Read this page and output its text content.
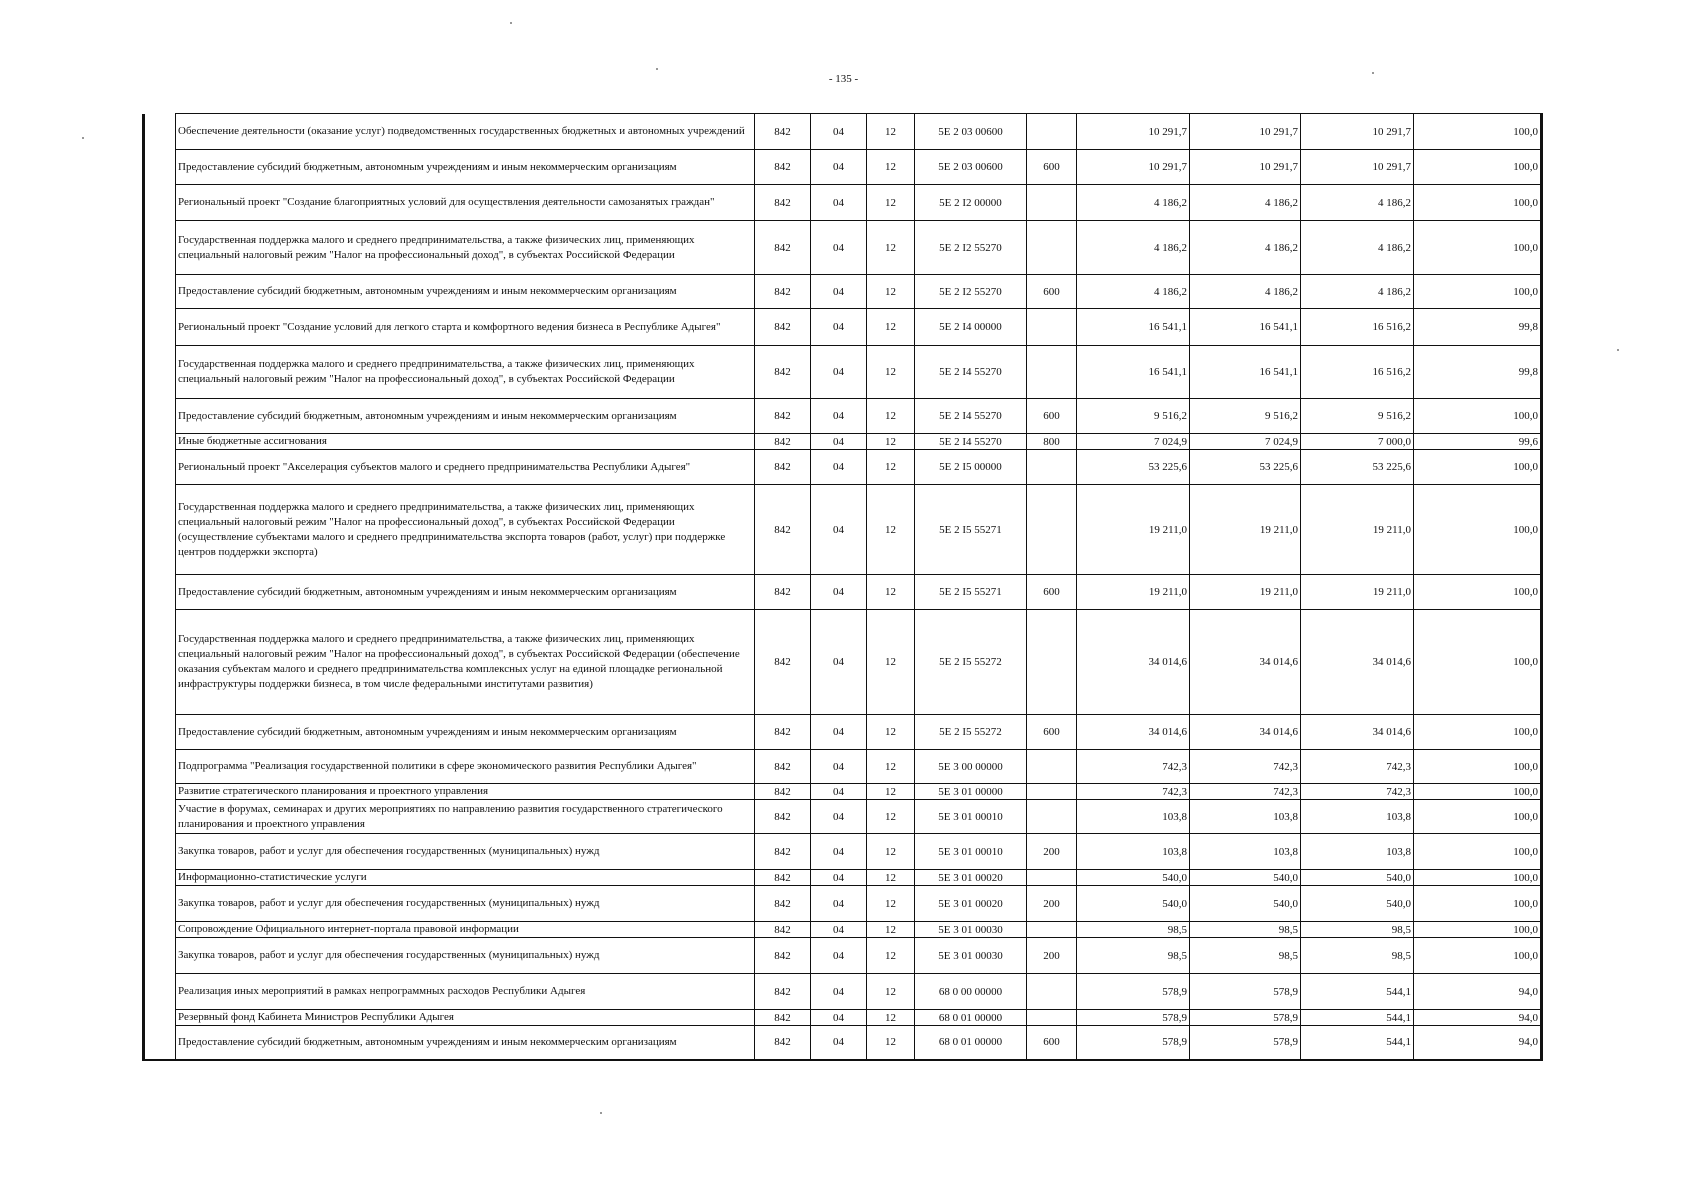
- 135 -
	Обеспечение деятельности (оказание услуг) подведомственных государственных бюджетных и автономных учреждений	842	04	12	5Е 2 03 00600		10 291,7	10 291,7	10 291,7	100,0
	Предоставление субсидий бюджетным, автономным учреждениям и иным некоммерческим организациям	842	04	12	5Е 2 03 00600	600	10 291,7	10 291,7	10 291,7	100,0
	Региональный проект "Создание благоприятных условий для осуществления деятельности самозанятых граждан"	842	04	12	5Е 2 I2 00000		4 186,2	4 186,2	4 186,2	100,0
	Государственная поддержка малого и среднего предпринимательства, а также физических лиц, применяющих специальный налоговый режим "Налог на профессиональный доход", в субъектах Российской Федерации	842	04	12	5Е 2 I2 55270		4 186,2	4 186,2	4 186,2	100,0
	Предоставление субсидий бюджетным, автономным учреждениям и иным некоммерческим организациям	842	04	12	5Е 2 I2 55270	600	4 186,2	4 186,2	4 186,2	100,0
	Региональный проект "Создание условий для легкого старта и комфортного ведения бизнеса в Республике Адыгея"	842	04	12	5Е 2 I4 00000		16 541,1	16 541,1	16 516,2	99,8
	Государственная поддержка малого и среднего предпринимательства, а также физических лиц, применяющих специальный налоговый режим "Налог на профессиональный доход", в субъектах Российской Федерации	842	04	12	5Е 2 I4 55270		16 541,1	16 541,1	16 516,2	99,8
	Предоставление субсидий бюджетным, автономным учреждениям и иным некоммерческим организациям	842	04	12	5Е 2 I4 55270	600	9 516,2	9 516,2	9 516,2	100,0
	Иные бюджетные ассигнования	842	04	12	5Е 2 I4 55270	800	7 024,9	7 024,9	7 000,0	99,6
	Региональный проект "Акселерация субъектов малого и среднего предпринимательства Республики Адыгея"	842	04	12	5Е 2 I5 00000		53 225,6	53 225,6	53 225,6	100,0
	Государственная поддержка малого и среднего предпринимательства, а также физических лиц, применяющих специальный налоговый режим "Налог на профессиональный доход", в субъектах Российской Федерации (осуществление субъектами малого и среднего предпринимательства экспорта товаров (работ, услуг) при поддержке центров поддержки экспорта)	842	04	12	5Е 2 I5 55271		19 211,0	19 211,0	19 211,0	100,0
	Предоставление субсидий бюджетным, автономным учреждениям и иным некоммерческим организациям	842	04	12	5Е 2 I5 55271	600	19 211,0	19 211,0	19 211,0	100,0
	Государственная поддержка малого и среднего предпринимательства, а также физических лиц, применяющих специальный налоговый режим "Налог на профессиональный доход", в субъектах Российской Федерации (обеспечение оказания субъектам малого и среднего предпринимательства комплексных услуг на единой площадке региональной инфраструктуры поддержки бизнеса, в том числе федеральными институтами развития)	842	04	12	5Е 2 I5 55272		34 014,6	34 014,6	34 014,6	100,0
	Предоставление субсидий бюджетным, автономным учреждениям и иным некоммерческим организациям	842	04	12	5Е 2 I5 55272	600	34 014,6	34 014,6	34 014,6	100,0
	Подпрограмма "Реализация государственной политики в сфере экономического развития Республики Адыгея"	842	04	12	5Е 3 00 00000		742,3	742,3	742,3	100,0
	Развитие стратегического планирования и проектного управления	842	04	12	5Е 3 01 00000		742,3	742,3	742,3	100,0
	Участие в форумах, семинарах и других мероприятиях по направлению развития государственного стратегического планирования и проектного управления	842	04	12	5Е 3 01 00010		103,8	103,8	103,8	100,0
	Закупка товаров, работ и услуг для обеспечения государственных (муниципальных) нужд	842	04	12	5Е 3 01 00010	200	103,8	103,8	103,8	100,0
	Информационно-статистические услуги	842	04	12	5Е 3 01 00020		540,0	540,0	540,0	100,0
	Закупка товаров, работ и услуг для обеспечения государственных (муниципальных) нужд	842	04	12	5Е 3 01 00020	200	540,0	540,0	540,0	100,0
	Сопровождение Официального интернет-портала правовой информации	842	04	12	5Е 3 01 00030		98,5	98,5	98,5	100,0
	Закупка товаров, работ и услуг для обеспечения государственных (муниципальных) нужд	842	04	12	5Е 3 01 00030	200	98,5	98,5	98,5	100,0
	Реализация иных мероприятий в рамках непрограммных расходов Республики Адыгея	842	04	12	68 0 00 00000		578,9	578,9	544,1	94,0
	Резервный фонд Кабинета Министров Республики Адыгея	842	04	12	68 0 01 00000		578,9	578,9	544,1	94,0
	Предоставление субсидий бюджетным, автономным учреждениям и иным некоммерческим организациям	842	04	12	68 0 01 00000	600	578,9	578,9	544,1	94,0
